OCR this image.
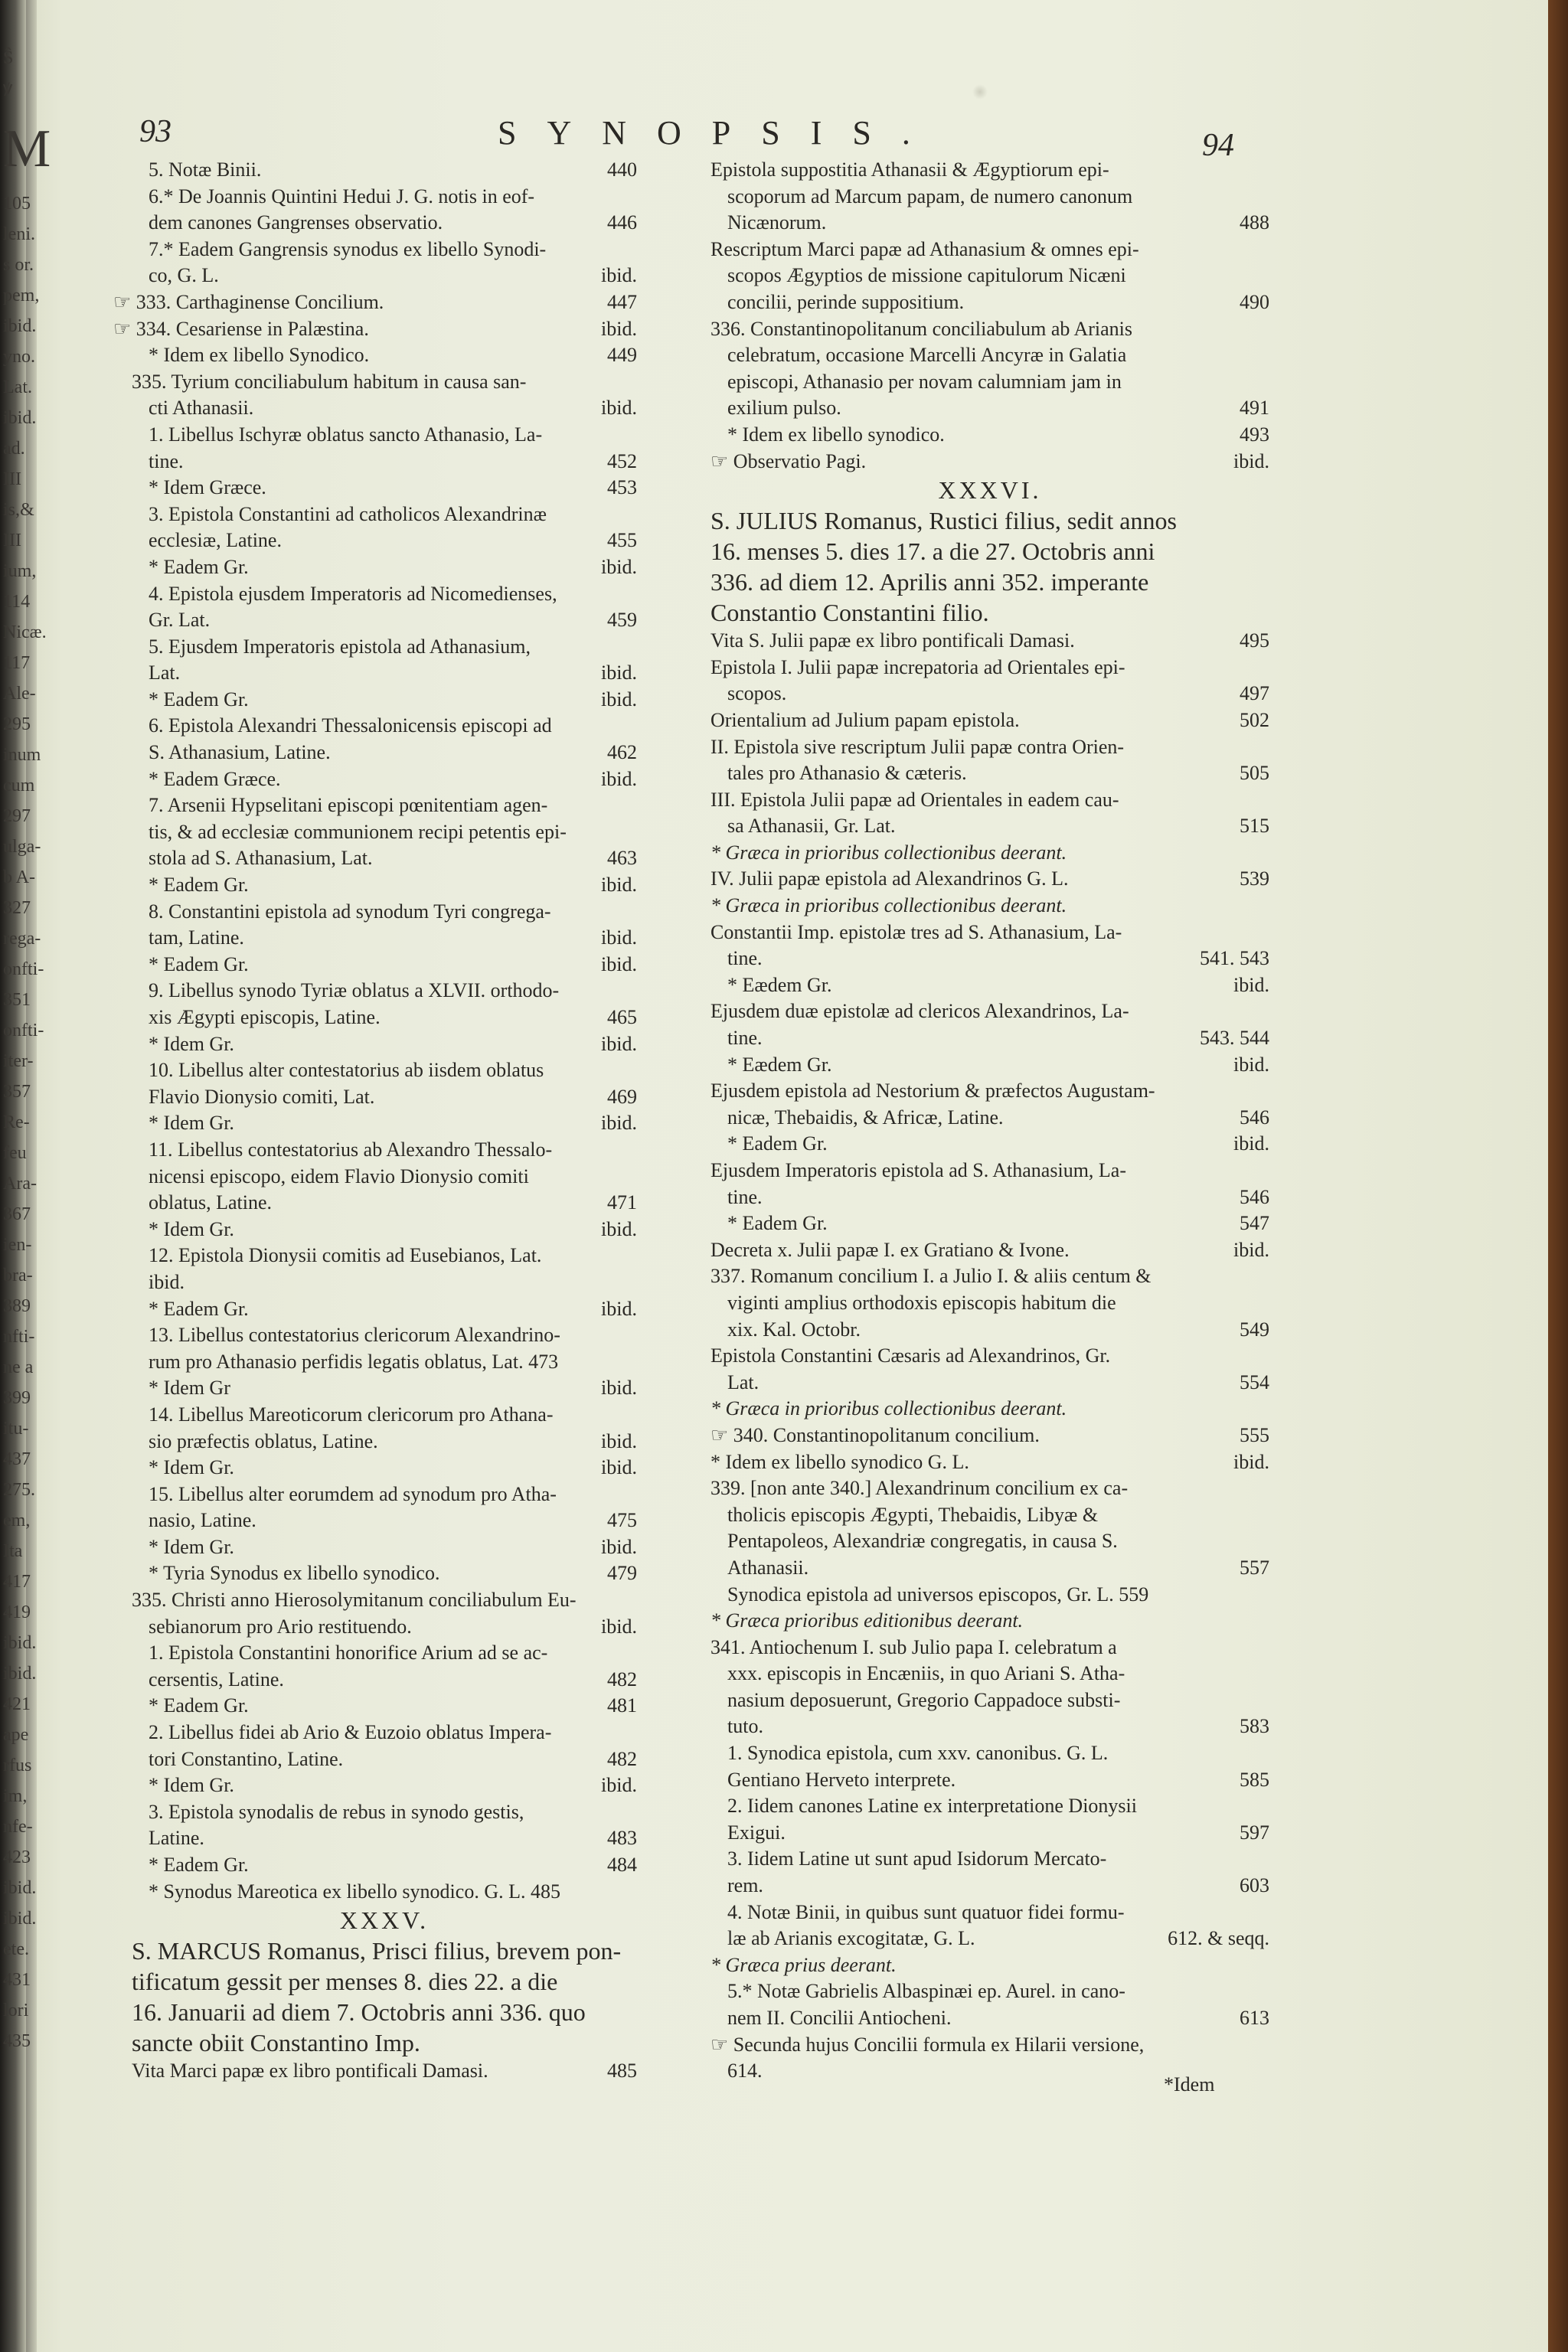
Ŝ
ꝟ
M
105
leni.
s or.
pem,
ibid.
yno.
Lat.
ibid.
ad.
III
is,&
III
ium,
114
Nicæ.
117
Ale-
295
inum
cum
297
ulga-
b A-
327
rega-
onfti-
351
onfti-
iter-
357
Re-
feu
Ara-
367
ien-
bra-
389
nfti-
ne a
399
itu-
437
275.
em,
Ita
417
419
ibid.
ibid.
421
ape
rfus
im,
nfe-
423
ibid.
ibid.
ete.
431
lori
435
93	SYNOPSIS.	94
5. Notæ Binii.	440
6.* De Joannis Quintini Hedui J. G. notis in eof-
dem canones Gangrenses observatio.	446
7.* Eadem Gangrensis synodus ex libello Synodi-
co, G. L.	ibid.
☞ 333. Carthaginense Concilium.	447
☞ 334. Cesariense in Palæstina.	ibid.
* Idem ex libello Synodico.	449
335. Tyrium conciliabulum habitum in causa san-
cti Athanasii.	ibid.
1. Libellus Ischyræ oblatus sancto Athanasio, La-
tine.	452
* Idem Græce.	453
3. Epistola Constantini ad catholicos Alexandrinæ
ecclesiæ, Latine.	455
* Eadem Gr.	ibid.
4. Epistola ejusdem Imperatoris ad Nicomedienses,
Gr. Lat.	459
5. Ejusdem Imperatoris epistola ad Athanasium,
Lat.	ibid.
* Eadem Gr.	ibid.
6. Epistola Alexandri Thessalonicensis episcopi ad
S. Athanasium, Latine.	462
* Eadem Græce.	ibid.
7. Arsenii Hypselitani episcopi pœnitentiam agen-
tis, & ad ecclesiæ communionem recipi petentis epi-
stola ad S. Athanasium, Lat.	463
* Eadem Gr.	ibid.
8. Constantini epistola ad synodum Tyri congrega-
tam, Latine.	ibid.
* Eadem Gr.	ibid.
9. Libellus synodo Tyriæ oblatus a XLVII. orthodo-
xis Ægypti episcopis, Latine.	465
* Idem Gr.	ibid.
10. Libellus alter contestatorius ab iisdem oblatus
Flavio Dionysio comiti, Lat.	469
* Idem Gr.	ibid.
11. Libellus contestatorius ab Alexandro Thessalo-
nicensi episcopo, eidem Flavio Dionysio comiti
oblatus, Latine.	471
* Idem Gr.	ibid.
12. Epistola Dionysii comitis ad Eusebianos, Lat.
ibid.
* Eadem Gr.	ibid.
13. Libellus contestatorius clericorum Alexandrino-
rum pro Athanasio perfidis legatis oblatus, Lat. 473
* Idem Gr	ibid.
14. Libellus Mareoticorum clericorum pro Athana-
sio præfectis oblatus, Latine.	ibid.
* Idem Gr.	ibid.
15. Libellus alter eorumdem ad synodum pro Atha-
nasio, Latine.	475
* Idem Gr.	ibid.
* Tyria Synodus ex libello synodico.	479
335. Christi anno Hierosolymitanum conciliabulum Eu-
sebianorum pro Ario restituendo.	ibid.
1. Epistola Constantini honorifice Arium ad se ac-
cersentis, Latine.	482
* Eadem Gr.	481
2. Libellus fidei ab Ario & Euzoio oblatus Impera-
tori Constantino, Latine.	482
* Idem Gr.	ibid.
3. Epistola synodalis de rebus in synodo gestis,
Latine.	483
* Eadem Gr.	484
* Synodus Mareotica ex libello synodico. G. L. 485
XXXV.
S. MARCUS Romanus, Prisci filius, brevem pon-
tificatum gessit per menses 8. dies 22. a die
16. Januarii ad diem 7. Octobris anni 336. quo
sancte obiit Constantino Imp.
Vita Marci papæ ex libro pontificali Damasi.	485
Epistola suppostitia Athanasii & Ægyptiorum epi-
scoporum ad Marcum papam, de numero canonum
Nicænorum.	488
Rescriptum Marci papæ ad Athanasium & omnes epi-
scopos Ægyptios de missione capitulorum Nicæni
concilii, perinde suppositium.	490
336. Constantinopolitanum conciliabulum ab Arianis
celebratum, occasione Marcelli Ancyræ in Galatia
episcopi, Athanasio per novam calumniam jam in
exilium pulso.	491
* Idem ex libello synodico.	493
☞ Observatio Pagi.	ibid.
XXXVI.
S. JULIUS Romanus, Rustici filius, sedit annos
16. menses 5. dies 17. a die 27. Octobris anni
336. ad diem 12. Aprilis anni 352. imperante
Constantio Constantini filio.
Vita S. Julii papæ ex libro pontificali Damasi.	495
Epistola I. Julii papæ increpatoria ad Orientales epi-
scopos.	497
Orientalium ad Julium papam epistola.	502
II. Epistola sive rescriptum Julii papæ contra Orien-
tales pro Athanasio & cæteris.	505
III. Epistola Julii papæ ad Orientales in eadem cau-
sa Athanasii, Gr. Lat.	515
* Græca in prioribus collectionibus deerant.
IV. Julii papæ epistola ad Alexandrinos G. L.	539
* Græca in prioribus collectionibus deerant.
Constantii Imp. epistolæ tres ad S. Athanasium, La-
tine.	541. 543
* Eædem Gr.	ibid.
Ejusdem duæ epistolæ ad clericos Alexandrinos, La-
tine.	543. 544
* Eædem Gr.	ibid.
Ejusdem epistola ad Nestorium & præfectos Augustam-
nicæ, Thebaidis, & Africæ, Latine.	546
* Eadem Gr.	ibid.
Ejusdem Imperatoris epistola ad S. Athanasium, La-
tine.	546
* Eadem Gr.	547
Decreta x. Julii papæ I. ex Gratiano & Ivone.	ibid.
337. Romanum concilium I. a Julio I. & aliis centum &
viginti amplius orthodoxis episcopis habitum die
xix. Kal. Octobr.	549
Epistola Constantini Cæsaris ad Alexandrinos, Gr.
Lat.	554
* Græca in prioribus collectionibus deerant.
☞ 340. Constantinopolitanum concilium.	555
* Idem ex libello synodico G. L.	ibid.
339. [non ante 340.] Alexandrinum concilium ex ca-
tholicis episcopis Ægypti, Thebaidis, Libyæ &
Pentapoleos, Alexandriæ congregatis, in causa S.
Athanasii.	557
Synodica epistola ad universos episcopos, Gr. L. 559
* Græca prioribus editionibus deerant.
341. Antiochenum I. sub Julio papa I. celebratum a
xxx. episcopis in Encæniis, in quo Ariani S. Atha-
nasium deposuerunt, Gregorio Cappadoce substi-
tuto.	583
1. Synodica epistola, cum xxv. canonibus. G. L.
Gentiano Herveto interprete.	585
2. Iidem canones Latine ex interpretatione Dionysii
Exigui.	597
3. Iidem Latine ut sunt apud Isidorum Mercato-
rem.	603
4. Notæ Binii, in quibus sunt quatuor fidei formu-
læ ab Arianis excogitatæ, G. L.	612. & seqq.
* Græca prius deerant.
5.* Notæ Gabrielis Albaspinæi ep. Aurel. in cano-
nem II. Concilii Antiocheni.	613
☞ Secunda hujus Concilii formula ex Hilarii versione,
614.
*Idem
